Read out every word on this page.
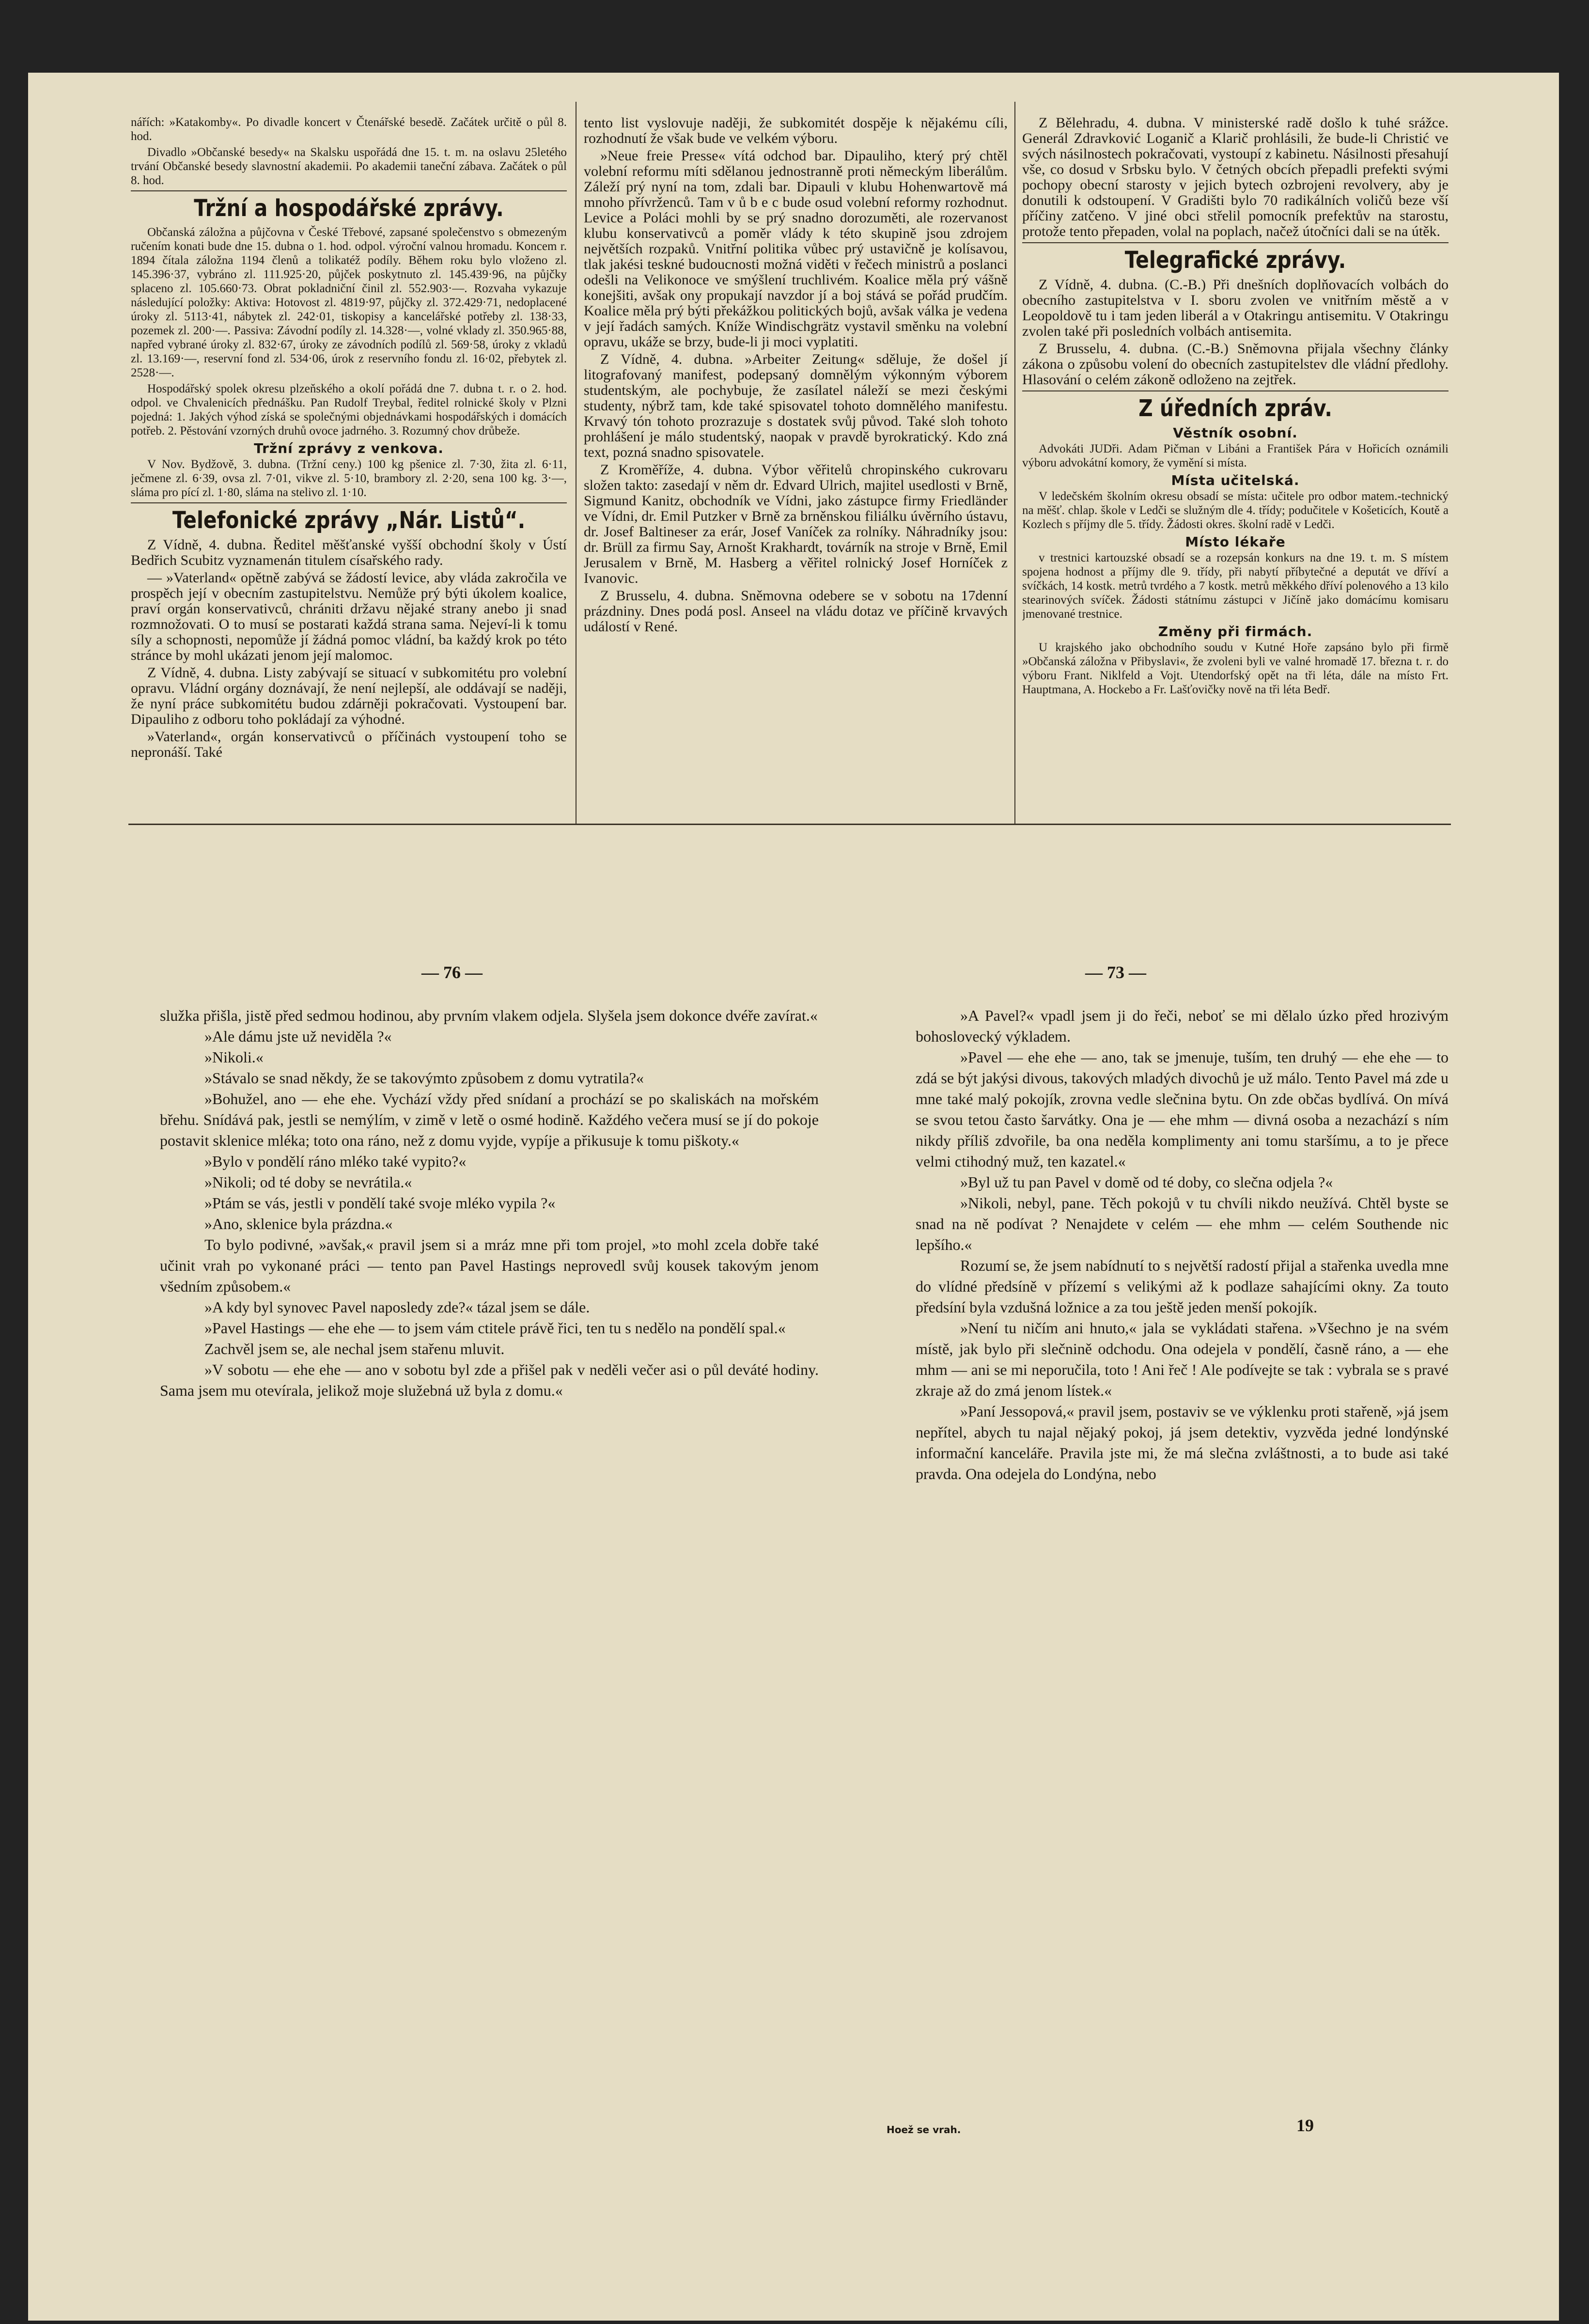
nářích: »Katakomby«. Po divadle koncert v Čtenářské besedě. Začátek určitě o půl 8. hod.

Divadlo »Občanské besedy« na Skalsku uspořádá dne 15. t. m. na oslavu 25letého trvání Občanské besedy slavnostní akademii. Po akademii taneční zábava. Začátek o půl 8. hod.

Tržní a hospodářské zprávy.

Občanská záložna a půjčovna v České Třebové, zapsané společenstvo s obmezeným ručením konati bude dne 15. dubna o 1. hod. odpol. výroční valnou hromadu. Koncem r. 1894 čítala záložna 1194 členů a tolikatéž podíly. Během roku bylo vloženo zl. 145.396·37, vybráno zl. 111.925·20, půjček poskytnuto zl. 145.439·96, na půjčky splaceno zl. 105.660·73. Obrat pokladniční činil zl. 552.903·—. Rozvaha vykazuje následující položky: Aktiva: Hotovost zl. 4819·97, půjčky zl. 372.429·71, nedoplacené úroky zl. 5113·41, nábytek zl. 242·01, tiskopisy a kancelářské potřeby zl. 138·33, pozemek zl. 200·—. Passiva: Závodní podíly zl. 14.328·—, volné vklady zl. 350.965·88, napřed vybrané úroky zl. 832·67, úroky ze závodních podílů zl. 569·58, úroky z vkladů zl. 13.169·—, reservní fond zl. 534·06, úrok z reservního fondu zl. 16·02, přebytek zl. 2528·—.

Hospodářský spolek okresu plzeňského a okolí pořádá dne 7. dubna t. r. o 2. hod. odpol. ve Chvalenicích přednášku. Pan Rudolf Treybal, ředitel rolnické školy v Plzni pojedná: 1. Jakých výhod získá se společnými objednávkami hospodářských i domácích potřeb. 2. Pěstování vzorných druhů ovoce jadrného. 3. Rozumný chov drůbeže.

Tržní zprávy z venkova.

V Nov. Bydžově, 3. dubna. (Tržní ceny.) 100 kg pšenice zl. 7·30, žita zl. 6·11, ječmene zl. 6·39, ovsa zl. 7·01, vikve zl. 5·10, brambory zl. 2·20, sena 100 kg. 3·—, sláma pro pící zl. 1·80, sláma na stelivo zl. 1·10.

Telefonické zprávy „Nár. Listů“.

Z Vídně, 4. dubna. Ředitel měšťanské vyšší obchodní školy v Ústí Bedřich Scubitz vyznamenán titulem císařského rady.

— »Vaterland« opětně zabývá se žádostí levice, aby vláda zakročila ve prospěch její v obecním zastupitelstvu. Nemůže prý býti úkolem koalice, praví orgán konservativců, chrániti državu nějaké strany anebo ji snad rozmnožovati. O to musí se postarati každá strana sama. Nejeví-li k tomu síly a schopnosti, nepomůže jí žádná pomoc vládní, ba každý krok po této stránce by mohl ukázati jenom její malomoc.

Z Vídně, 4. dubna. Listy zabývají se situací v subkomitétu pro volební opravu. Vládní orgány doznávají, že není nejlepší, ale oddávají se naději, že nyní práce subkomitétu budou zdárněji pokračovati. Vystoupení bar. Dipauliho z odboru toho pokládají za výhodné.

»Vaterland«, orgán konservativců o příčinách vystoupení toho se nepronáší. Také

tento list vyslovuje naději, že subkomitét dospěje k nějakému cíli, rozhodnutí že však bude ve velkém výboru.

»Neue freie Presse« vítá odchod bar. Dipauliho, který prý chtěl volební reformu míti sdělanou jednostranně proti německým liberálům. Záleží prý nyní na tom, zdali bar. Dipauli v klubu Hohenwartově má mnoho přívrženců. Tam v ů b e c bude osud volební reformy rozhodnut. Levice a Poláci mohli by se prý snadno dorozuměti, ale rozervanost klubu konservativců a poměr vlády k této skupině jsou zdrojem největších rozpaků. Vnitřní politika vůbec prý ustavičně je kolísavou, tlak jakési teskné budoucnosti možná viděti v řečech ministrů a poslanci odešli na Velikonoce ve smýšlení truchlivém. Koalice měla prý vášně konejšiti, avšak ony propukají navzdor jí a boj stává se pořád prudčím. Koalice měla prý býti překážkou politických bojů, avšak válka je vedena v její řadách samých. Kníže Windischgrätz vystavil směnku na volební opravu, ukáže se brzy, bude-li ji moci vyplatiti.

Z Vídně, 4. dubna. »Arbeiter Zeitung« sděluje, že došel jí litografovaný manifest, podepsaný domnělým výkonným výborem studentským, ale pochybuje, že zasílatel náleží se mezi českými studenty, nýbrž tam, kde také spisovatel tohoto domnělého manifestu. Krvavý tón tohoto prozrazuje s dostatek svůj původ. Také sloh tohoto prohlášení je málo studentský, naopak v pravdě byrokratický. Kdo zná text, pozná snadno spisovatele.

Z Kroměříže, 4. dubna. Výbor věřitelů chropinského cukrovaru složen takto: zasedají v něm dr. Edvard Ulrich, majitel usedlosti v Brně, Sigmund Kanitz, obchodník ve Vídni, jako zástupce firmy Friedländer ve Vídni, dr. Emil Putzker v Brně za brněnskou filiálku úvěrního ústavu, dr. Josef Baltineser za erár, Josef Vaníček za rolníky. Náhradníky jsou: dr. Brüll za firmu Say, Arnošt Krakhardt, továrník na stroje v Brně, Emil Jerusalem v Brně, M. Hasberg a věřitel rolnický Josef Horníček z Ivanovic.

Z Brusselu, 4. dubna. Sněmovna odebere se v sobotu na 17denní prázdniny. Dnes podá posl. Anseel na vládu dotaz ve příčině krvavých událostí v René.

Z Bělehradu, 4. dubna. V ministerské radě došlo k tuhé srážce. Generál Zdravković Loganič a Klarič prohlásili, že bude-li Christić ve svých násilnostech pokračovati, vystoupí z kabinetu. Násilnosti přesahují vše, co dosud v Srbsku bylo. V četných obcích přepadli prefekti svými pochopy obecní starosty v jejich bytech ozbrojeni revolvery, aby je donutili k odstoupení. V Gradišti bylo 70 radikálních voličů beze vší příčiny zatčeno. V jiné obci střelil pomocník prefektův na starostu, protože tento přepaden, volal na poplach, načež útočníci dali se na útěk.

Telegrafické zprávy.

Z Vídně, 4. dubna. (C.-B.) Při dnešních doplňovacích volbách do obecního zastupitelstva v I. sboru zvolen ve vnitřním městě a v Leopoldově tu i tam jeden liberál a v Otakringu antisemitu. V Otakringu zvolen také při posledních volbách antisemita.

Z Brusselu, 4. dubna. (C.-B.) Sněmovna přijala všechny články zákona o způsobu volení do obecních zastupitelstev dle vládní předlohy. Hlasování o celém zákoně odloženo na zejtřek.

Z úředních zpráv.
Věstník osobní.

Advokáti JUDři. Adam Pičman v Libáni a František Pára v Hořicích oznámili výboru advokátní komory, že vymění si místa.

Místa učitelská.

V ledečském školním okresu obsadí se místa: učitele pro odbor matem.-technický na měšť. chlap. škole v Ledči se služným dle 4. třídy; podučitele v Košeticích, Koutě a Kozlech s příjmy dle 5. třídy. Žádosti okres. školní radě v Ledči.

Místo lékaře

v trestnici kartouzské obsadí se a rozepsán konkurs na dne 19. t. m. S místem spojena hodnost a příjmy dle 9. třídy, při nabytí příbytečné a deputát ve dříví a svíčkách, 14 kostk. metrů tvrdého a 7 kostk. metrů měkkého dříví polenového a 13 kilo stearinových svíček. Žádosti státnímu zástupci v Jičíně jako domácímu komisaru jmenované trestnice.

Změny při firmách.

U krajského jako obchodního soudu v Kutné Hoře zapsáno bylo při firmě »Občanská záložna v Přibyslavi«, že zvoleni byli ve valné hromadě 17. března t. r. do výboru Frant. Niklfeld a Vojt. Utendorfský opět na tři léta, dále na místo Frt. Hauptmana, A. Hockebo a Fr. Lašťovičky nově na tři léta Bedř.

— 76 —	— 73 —

služka přišla, jistě před sedmou hodinou, aby prvním vlakem odjela. Slyšela jsem dokonce dvéře zavírat.«

»Ale dámu jste už neviděla ?«

»Nikoli.«

»Stávalo se snad někdy, že se takovýmto způsobem z domu vytratila?«

»Bohužel, ano — ehe ehe. Vychází vždy před snídaní a prochází se po skaliskách na mořském břehu. Snídává pak, jestli se nemýlím, v zimě v letě o osmé hodině. Každého večera musí se jí do pokoje postavit sklenice mléka; toto ona ráno, než z domu vyjde, vypíje a přikusuje k tomu piškoty.«

»Bylo v pondělí ráno mléko také vypito?«

»Nikoli; od té doby se nevrátila.«

»Ptám se vás, jestli v pondělí také svoje mléko vypila ?«

»Ano, sklenice byla prázdna.«

To bylo podivné, »avšak,« pravil jsem si a mráz mne při tom projel, »to mohl zcela dobře také učinit vrah po vykonané práci — tento pan Pavel Hastings neprovedl svůj kousek takovým jenom všedním způsobem.«

»A kdy byl synovec Pavel naposledy zde?« tázal jsem se dále.

»Pavel Hastings — ehe ehe — to jsem vám ctitele právě řici, ten tu s nedělo na pondělí spal.«

Zachvěl jsem se, ale nechal jsem stařenu mluvit.

»V sobotu — ehe ehe — ano v sobotu byl zde a přišel pak v neděli večer asi o půl deváté hodiny. Sama jsem mu otevírala, jelikož moje služebná už byla z domu.«

»A Pavel?« vpadl jsem ji do řeči, neboť se mi dělalo úzko před hrozivým bohoslovecký výkladem.

»Pavel — ehe ehe — ano, tak se jmenuje, tuším, ten druhý — ehe ehe — to zdá se být jakýsi divous, takových mladých divochů je už málo. Tento Pavel má zde u mne také malý pokojík, zrovna vedle slečnina bytu. On zde občas bydlívá. On mívá se svou tetou často šarvátky. Ona je — ehe mhm — divná osoba a nezachází s ním nikdy příliš zdvořile, ba ona neděla komplimenty ani tomu staršímu, a to je přece velmi ctihodný muž, ten kazatel.«

»Byl už tu pan Pavel v domě od té doby, co slečna odjela ?«

»Nikoli, nebyl, pane. Těch pokojů v tu chvíli nikdo neužívá. Chtěl byste se snad na ně podívat ? Nenajdete v celém — ehe mhm — celém Southende nic lepšího.«

Rozumí se, že jsem nabídnutí to s největší radostí přijal a stařenka uvedla mne do vlídné předsíně v přízemí s velikými až k podlaze sahajícími okny. Za touto předsíní byla vzdušná ložnice a za tou ještě jeden menší pokojík.

»Není tu ničím ani hnuto,« jala se vykládati stařena. »Všechno je na svém místě, jak bylo při slečnině odchodu. Ona odejela v pondělí, časně ráno, a — ehe mhm — ani se mi neporučila, toto ! Ani řeč ! Ale podívejte se tak : vybrala se s pravé zkraje až do zmá jenom lístek.«

»Paní Jessopová,« pravil jsem, postaviv se ve výklenku proti stařeně, »já jsem nepřítel, abych tu najal nějaký pokoj, já jsem detektiv, vyzvěda jedné londýnské informační kanceláře. Pravila jste mi, že má slečna zvláštnosti, a to bude asi také pravda. Ona odejela do Londýna, nebo

Hoež se vrah.	19
